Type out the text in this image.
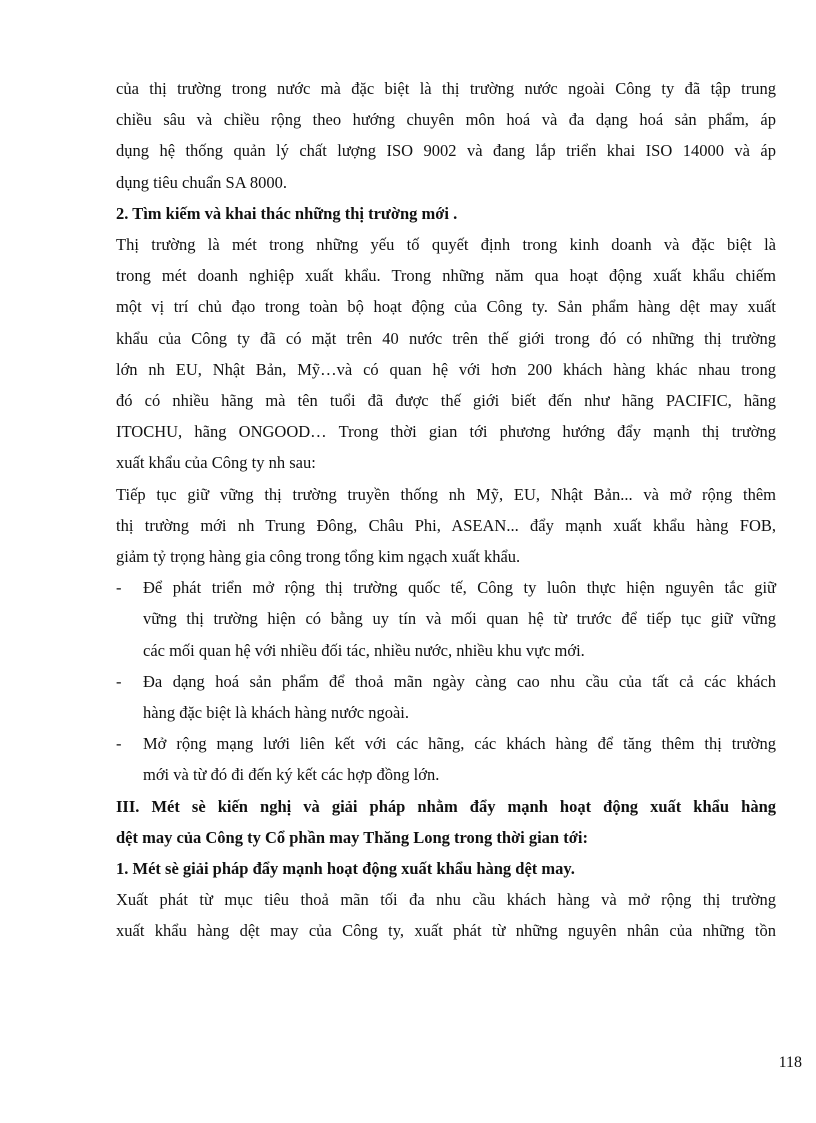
của thị trường trong nước mà đặc biệt là thị trường nước ngoài Công ty đã tập trung
chiều sâu và chiều rộng theo hướng chuyên môn hoá và đa dạng hoá sản phẩm, áp
dụng hệ thống quản lý chất lượng ISO 9002 và đang lắp triển khai ISO 14000 và áp
dụng tiêu chuẩn SA 8000.
2. Tìm kiếm và khai thác những thị trường mới .
Thị trường là mét trong những yếu tố quyết định trong kinh doanh và đặc biệt là
trong mét doanh nghiệp xuất khẩu. Trong những năm qua hoạt động xuất khẩu chiếm
một vị trí chủ đạo trong toàn bộ hoạt động của Công ty. Sản phẩm hàng dệt may xuất
khẩu của Công ty đã có mặt trên 40 nước trên thế giới trong đó có những thị trường
lớn nh EU, Nhật Bản, Mỹ…và có quan hệ với hơn 200 khách hàng khác nhau trong
đó có nhiều hãng mà tên tuổi đã được thế giới biết đến như hãng PACIFIC, hãng
ITOCHU, hãng ONGOOD… Trong thời gian tới phương hướng đẩy mạnh thị trường
xuất khẩu của Công ty nh sau:
Tiếp tục giữ vững thị trường truyền thống nh Mỹ, EU, Nhật Bản... và mở rộng thêm
thị trường mới nh Trung Đông, Châu Phi, ASEAN... đẩy mạnh xuất khẩu hàng FOB,
giảm tỷ trọng hàng gia công trong tổng kim ngạch xuất khẩu.
- Để phát triển mở rộng thị trường quốc tế, Công ty luôn thực hiện nguyên tắc giữ
vững thị trường hiện có bằng uy tín và mối quan hệ từ trước để tiếp tục giữ vững
các mối quan hệ với nhiều đối tác, nhiều nước, nhiều khu vực mới.
- Đa dạng hoá sản phẩm để thoả mãn ngày càng cao nhu cầu của tất cả các khách
hàng đặc biệt là khách hàng nước ngoài.
- Mở rộng mạng lưới liên kết với các hãng, các khách hàng để tăng thêm thị trường
mới và từ đó đi đến ký kết các hợp đồng lớn.
III. Mét sè kiến nghị và giải pháp nhằm đẩy mạnh hoạt động xuất khẩu hàng
dệt may của Công ty Cổ phần may Thăng Long trong thời gian tới:
1. Mét sè giải pháp đẩy mạnh hoạt động xuất khẩu hàng dệt may.
Xuất phát từ mục tiêu thoả mãn tối đa nhu cầu khách hàng và mở rộng thị trường
xuất khẩu hàng dệt may của Công ty, xuất phát từ những nguyên nhân của những tồn
118
